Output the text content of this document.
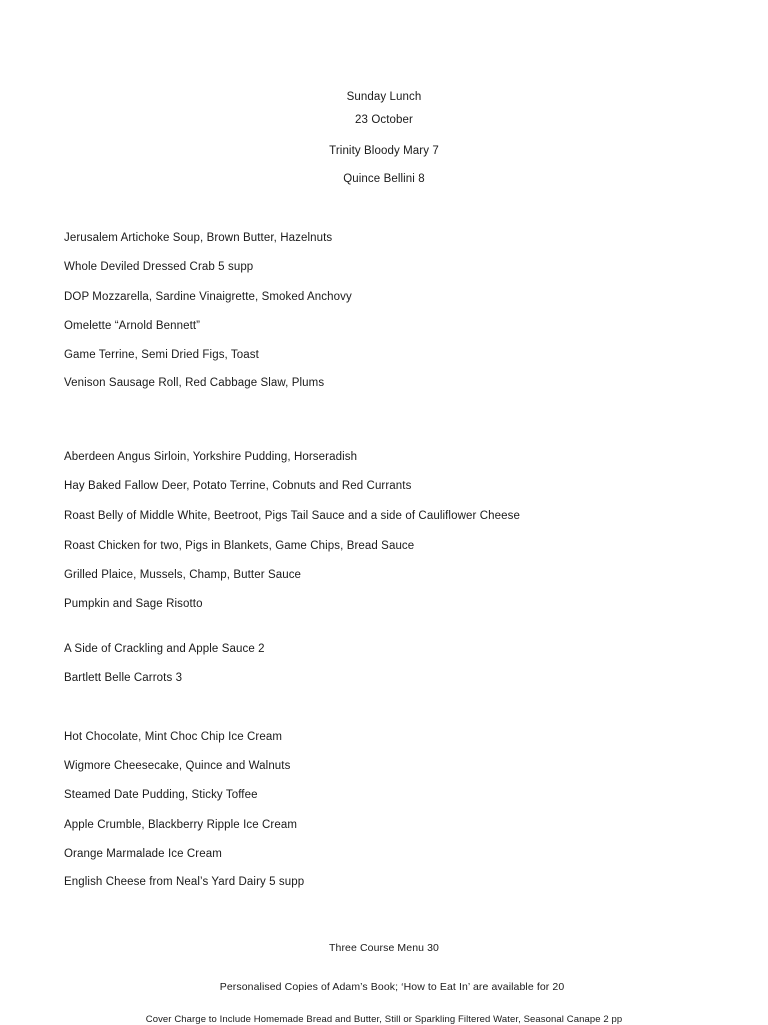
Sunday Lunch
23 October
Trinity Bloody Mary 7
Quince Bellini 8
Jerusalem Artichoke Soup, Brown Butter, Hazelnuts
Whole Deviled Dressed Crab 5 supp
DOP Mozzarella, Sardine Vinaigrette, Smoked Anchovy
Omelette “Arnold Bennett”
Game Terrine, Semi Dried Figs, Toast
Venison Sausage Roll, Red Cabbage Slaw, Plums
Aberdeen Angus Sirloin, Yorkshire Pudding, Horseradish
Hay Baked Fallow Deer, Potato Terrine, Cobnuts and Red Currants
Roast Belly of Middle White, Beetroot, Pigs Tail Sauce and a side of Cauliflower Cheese
Roast Chicken for two, Pigs in Blankets, Game Chips, Bread Sauce
Grilled Plaice, Mussels, Champ, Butter Sauce
Pumpkin and Sage Risotto
A Side of Crackling and Apple Sauce 2
Bartlett Belle Carrots 3
Hot Chocolate, Mint Choc Chip Ice Cream
Wigmore Cheesecake, Quince and Walnuts
Steamed Date Pudding, Sticky Toffee
Apple Crumble, Blackberry Ripple Ice Cream
Orange Marmalade Ice Cream
English Cheese from Neal’s Yard Dairy 5 supp
Three Course Menu 30
Personalised Copies of Adam’s Book; ‘How to Eat In’ are available for 20
Cover Charge to Include Homemade Bread and Butter, Still or Sparkling Filtered Water, Seasonal Canape 2 pp
